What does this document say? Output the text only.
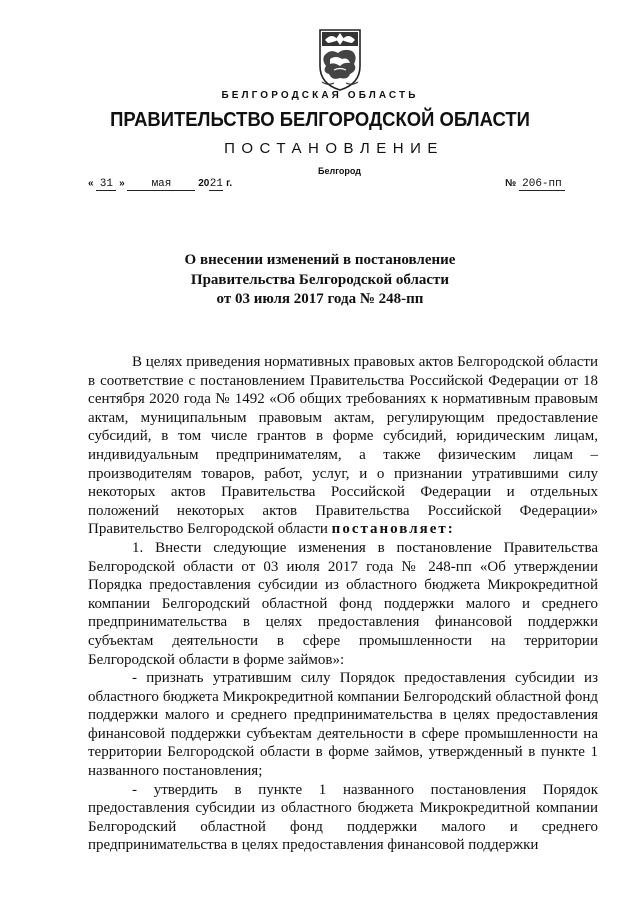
БЕЛГОРОДСКАЯ ОБЛАСТЬ
ПРАВИТЕЛЬСТВО БЕЛГОРОДСКОЙ ОБЛАСТИ
ПОСТАНОВЛЕНИЕ
Белгород
« 31 » мая	2021 г.	№ 206-пп
О внесении изменений в постановление
Правительства Белгородской области
от 03 июля 2017 года № 248-пп

В целях приведения нормативных правовых актов Белгородской области в соответствие с постановлением Правительства Российской Федерации от 18 сентября 2020 года № 1492 «Об общих требованиях к нормативным правовым актам, муниципальным правовым актам, регулирующим предоставление субсидий, в том числе грантов в форме субсидий, юридическим лицам, индивидуальным предпринимателям, а также физическим лицам – производителям товаров, работ, услуг, и о признании утратившими силу некоторых актов Правительства Российской Федерации и отдельных положений некоторых актов Правительства Российской Федерации» Правительство Белгородской области постановляет:

1. Внести следующие изменения в постановление Правительства Белгородской области от 03 июля 2017 года № 248-пп «Об утверждении Порядка предоставления субсидии из областного бюджета Микрокредитной компании Белгородский областной фонд поддержки малого и среднего предпринимательства в целях предоставления финансовой поддержки субъектам деятельности в сфере промышленности на территории Белгородской области в форме займов»:

- признать утратившим силу Порядок предоставления субсидии из областного бюджета Микрокредитной компании Белгородский областной фонд поддержки малого и среднего предпринимательства в целях предоставления финансовой поддержки субъектам деятельности в сфере промышленности на территории Белгородской области в форме займов, утвержденный в пункте 1 названного постановления;

- утвердить в пункте 1 названного постановления Порядок предоставления субсидии из областного бюджета Микрокредитной компании Белгородский областной фонд поддержки малого и среднего предпринимательства в целях предоставления финансовой поддержки
